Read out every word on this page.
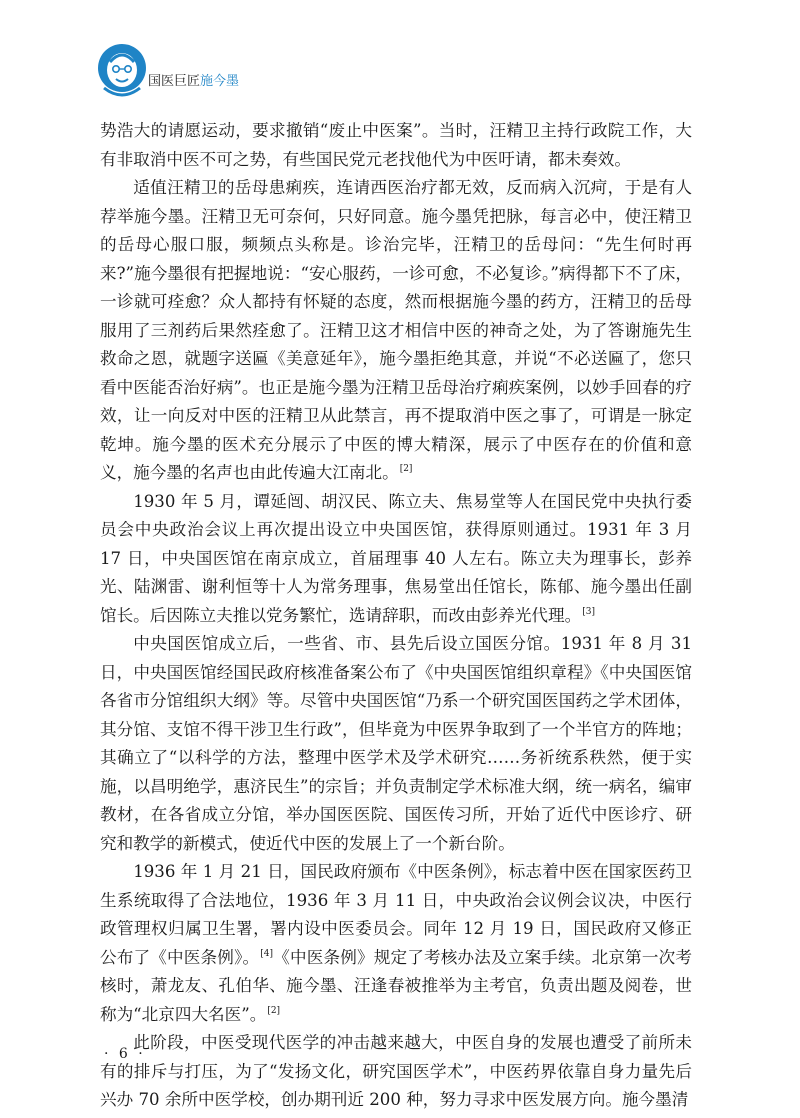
国医巨匠施今墨

势浩大的请愿运动，要求撤销“废止中医案”。当时，汪精卫主持行政院工作，大有非取消中医不可之势，有些国民党元老找他代为中医吁请，都未奏效。

适值汪精卫的岳母患痢疾，连请西医治疗都无效，反而病入沉疴，于是有人荐举施今墨。汪精卫无可奈何，只好同意。施今墨凭把脉，每言必中，使汪精卫的岳母心服口服，频频点头称是。诊治完毕，汪精卫的岳母问：“先生何时再来?”施今墨很有把握地说：“安心服药，一诊可愈，不必复诊。”病得都下不了床，一诊就可痊愈？众人都持有怀疑的态度，然而根据施今墨的药方，汪精卫的岳母服用了三剂药后果然痊愈了。汪精卫这才相信中医的神奇之处，为了答谢施先生救命之恩，就题字送匾《美意延年》，施今墨拒绝其意，并说“不必送匾了，您只看中医能否治好病”。也正是施今墨为汪精卫岳母治疗痢疾案例，以妙手回春的疗效，让一向反对中医的汪精卫从此禁言，再不提取消中医之事了，可谓是一脉定乾坤。施今墨的医术充分展示了中医的博大精深，展示了中医存在的价值和意义，施今墨的名声也由此传遍大江南北。[2]

1930 年 5 月，谭延闿、胡汉民、陈立夫、焦易堂等人在国民党中央执行委员会中央政治会议上再次提出设立中央国医馆，获得原则通过。1931 年 3 月 17 日，中央国医馆在南京成立，首届理事 40 人左右。陈立夫为理事长，彭养光、陆渊雷、谢利恒等十人为常务理事，焦易堂出任馆长，陈郁、施今墨出任副馆长。后因陈立夫推以党务繁忙，选请辞职，而改由彭养光代理。[3]

中央国医馆成立后，一些省、市、县先后设立国医分馆。1931 年 8 月 31 日，中央国医馆经国民政府核准备案公布了《中央国医馆组织章程》《中央国医馆各省市分馆组织大纲》等。尽管中央国医馆“乃系一个研究国医国药之学术团体，其分馆、支馆不得干涉卫生行政”，但毕竟为中医界争取到了一个半官方的阵地；其确立了“以科学的方法，整理中医学术及学术研究……务祈统系秩然，便于实施，以昌明绝学，惠济民生”的宗旨；并负责制定学术标准大纲，统一病名，编审教材，在各省成立分馆，举办国医医院、国医传习所，开始了近代中医诊疗、研究和教学的新模式，使近代中医的发展上了一个新台阶。

1936 年 1 月 21 日，国民政府颁布《中医条例》，标志着中医在国家医药卫生系统取得了合法地位，1936 年 3 月 11 日，中央政治会议例会议决，中医行政管理权归属卫生署，署内设中医委员会。同年 12 月 19 日，国民政府又修正公布了《中医条例》。[4]《中医条例》规定了考核办法及立案手续。北京第一次考核时，萧龙友、孔伯华、施今墨、汪逢春被推举为主考官，负责出题及阅卷，世称为“北京四大名医”。[2]

此阶段，中医受现代医学的冲击越来越大，中医自身的发展也遭受了前所未有的排斥与打压，为了“发扬文化，研究国医学术”，中医药界依靠自身力量先后兴办 70 余所中医学校，创办期刊近 200 种，努力寻求中医发展方向。施今墨清

· 6 ·
